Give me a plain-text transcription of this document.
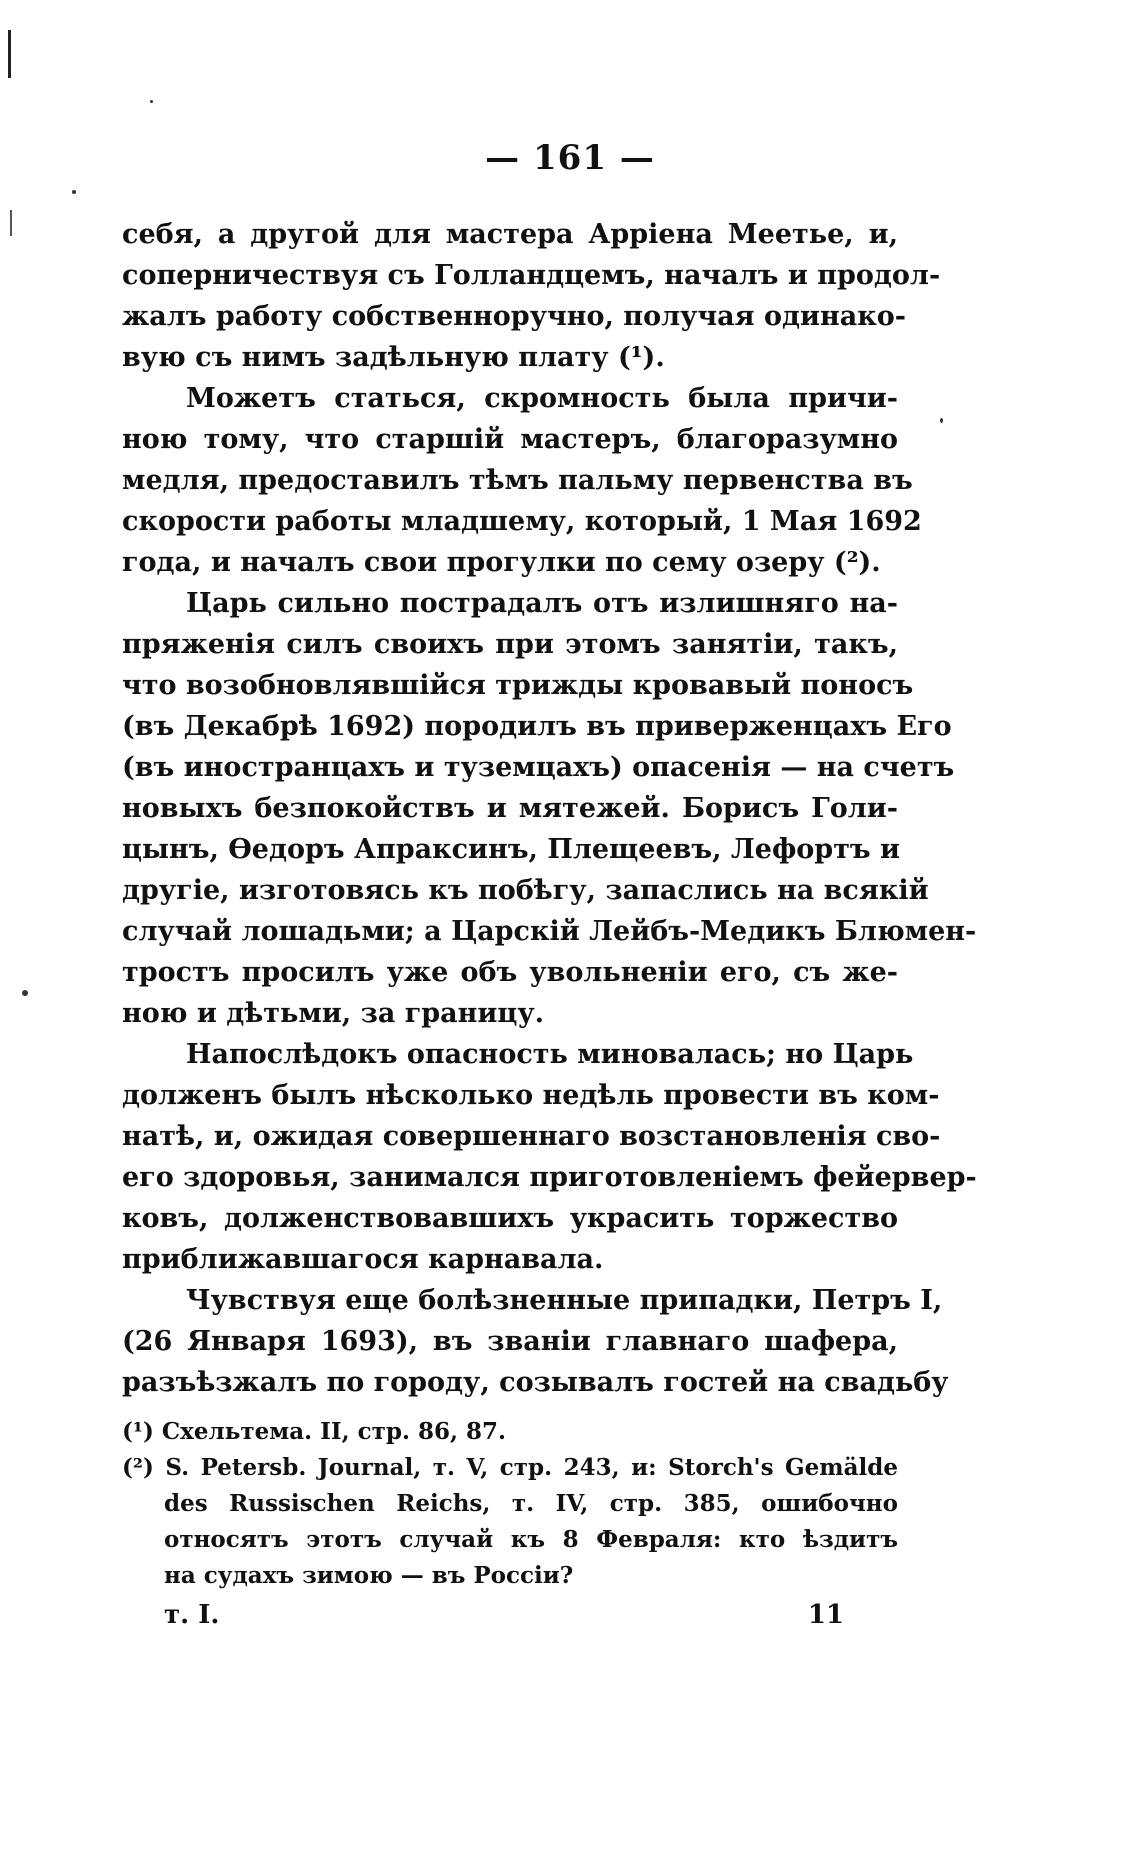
— 161 —
себя, а другой для мастера Арріена Меетье, и,
соперничествуя съ Голландцемъ, началъ и продол-
жалъ работу собственноручно, получая одинако-
вую съ нимъ задѣльную плату (¹).
Можетъ статься, скромность была причи-
ною тому, что старшій мастеръ, благоразумно
медля, предоставилъ тѣмъ пальму первенства въ
скорости работы младшему, который, 1 Мая 1692
года, и началъ свои прогулки по сему озеру (²).
Царь сильно пострадалъ отъ излишняго на-
пряженія силъ своихъ при этомъ занятіи, такъ,
что возобновлявшійся трижды кровавый поносъ
(въ Декабрѣ 1692) породилъ въ приверженцахъ Его
(въ иностранцахъ и туземцахъ) опасенія — на счетъ
новыхъ безпокойствъ и мятежей. Борисъ Голи-
цынъ, Ѳедоръ Апраксинъ, Плещеевъ, Лефортъ и
другіе, изготовясь къ побѣгу, запаслись на всякій
случай лошадьми; а Царскій Лейбъ-Медикъ Блюмен-
тростъ просилъ уже объ увольненіи его, съ же-
ною и дѣтьми, за границу.
Напослѣдокъ опасность миновалась; но Царь
долженъ былъ нѣсколько недѣль провести въ ком-
натѣ, и, ожидая совершеннаго возстановленія сво-
его здоровья, занимался приготовленіемъ фейервер-
ковъ, долженствовавшихъ украсить торжество
приближавшагося карнавала.
Чувствуя еще болѣзненные припадки, Петръ I,
(26 Января 1693), въ званіи главнаго шафера,
разъѣзжалъ по городу, созывалъ гостей на свадьбу
(¹) Схельтема. II, стр. 86, 87.
(²) S. Petersb. Journal, т. V, стр. 243, и: Storch's Gemälde
des Russischen Reichs, т. IV, стр. 385, ошибочно
относятъ этотъ случай къ 8 Февраля: кто ѣздитъ
на судахъ зимою — въ Россіи?
т. I.	11
